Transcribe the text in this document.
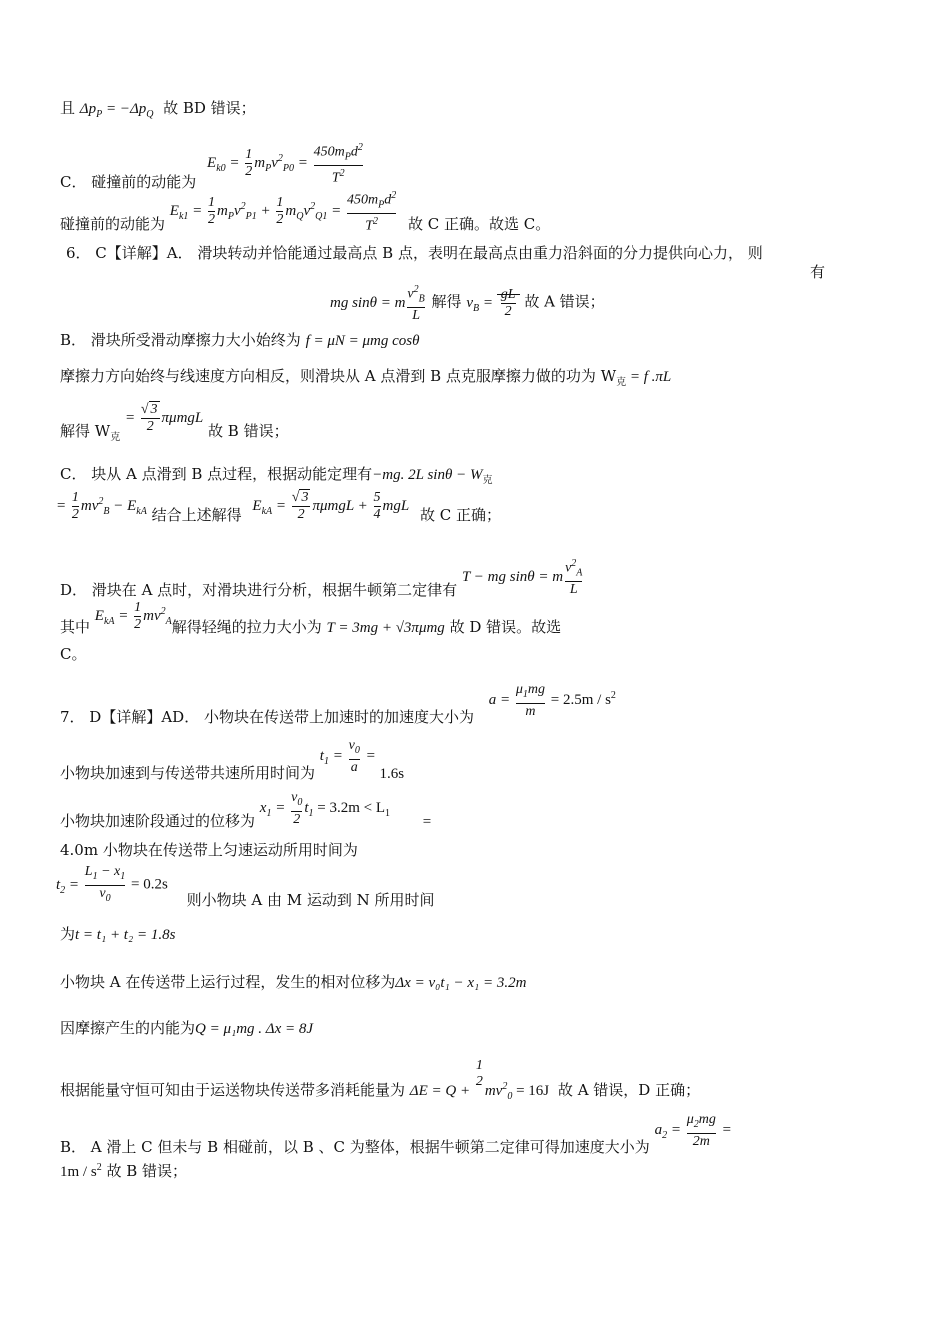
且 $\Delta p_P = -\Delta p_Q$ 故 BD 错误；
C． 碰撞前的动能为 $E_{k0} = \frac{1}{2} m_Pv^2_{P0} = \frac{450m_Pd^2}{T^2}$
碰撞前的动能为 $E_{k1} = \frac{1}{2} m_Pv^2_{P1} + \frac{1}{2} m_Qv^2_{Q1} = \frac{450m_Pd^2}{T^2}$ 故 C 正确。故选 C。
6． C【详解】A． 滑块转动并恰能通过最高点 B 点，表明在最高点由重力沿斜面的分力提供向心力， 则
有
mg sinθ = m $\frac{v^2_B}{L}$ 解得 $v_B = \frac{gL}{2}$ 故 A 错误；
B． 滑块所受滑动摩擦力大小始终为 f = μN = μmg cosθ
摩擦力方向始终与线速度方向相反，则滑块从 A 点滑到 B 点克服摩擦力做的功为 $W_克 = f$ .πL
解得 $W_克 = \frac{√ 3}{2}$ πμmgL 故 B 错误；
C． 块从 A 点滑到 B 点过程，根据动能定理有−mg. 2L $\sin\theta - W_克$
= $\frac{1}{2} mv^2_B - E_{kA}$ 结合上述解得 $E_{kA} = \frac{√ 3}{2}$ $\pi\mu mgL + \frac{5}{4}$ mgL 故 C 正确；
D． 滑块在 A 点时，对滑块进行分析，根据牛顿第二定律有 T − mg sinθ = m $\frac{v^2_A}{L}$
其中 $E_{kA} = \frac{1}{2} mv^2_A$解得轻绳的拉力大小为 T = 3mg + √3πμmg 故 D 错误。故选
C。
7． D【详解】AD． 小物块在传送带上加速时的加速度大小为 $a = \frac{\mu_1mg}{m} = 2.5m / s^2$
小物块加速到与传送带共速所用时间为 $t_1 = \frac{v_0}{a} = 1.6s$
小物块加速阶段通过的位移为 $x_1 = \frac{v_0}{2} t_1 = 3.2m < L_1$ =
4.0m 小物块在传送带上匀速运动所用时间为
$t_2 = \frac{L_1 - x_1}{v_0} = 0.2s$ 则小物块 A 由 M 运动到 N 所用时间
为t = t₁ + t₂ = 1.8s
小物块 A 在传送带上运行过程，发生的相对位移为Δx = v₀t₁ − x₁ = 3.2m
因摩擦产生的内能为Q = μ₁mg . Δx = 8J
根据能量守恒可知由于运送物块传送带多消耗能量为 ΔE = Q +
1
2
$mv^2_0 = 16J$ 故 A 错误，D 正确；
B． A 滑上 C 但未与 B 相碰前，以 B 、C 为整体，根据牛顿第二定律可得加速度大小为 $a_2 = \frac{\mu_2mg}{2m}$ =
$1m / s^2$ 故 B 错误；
